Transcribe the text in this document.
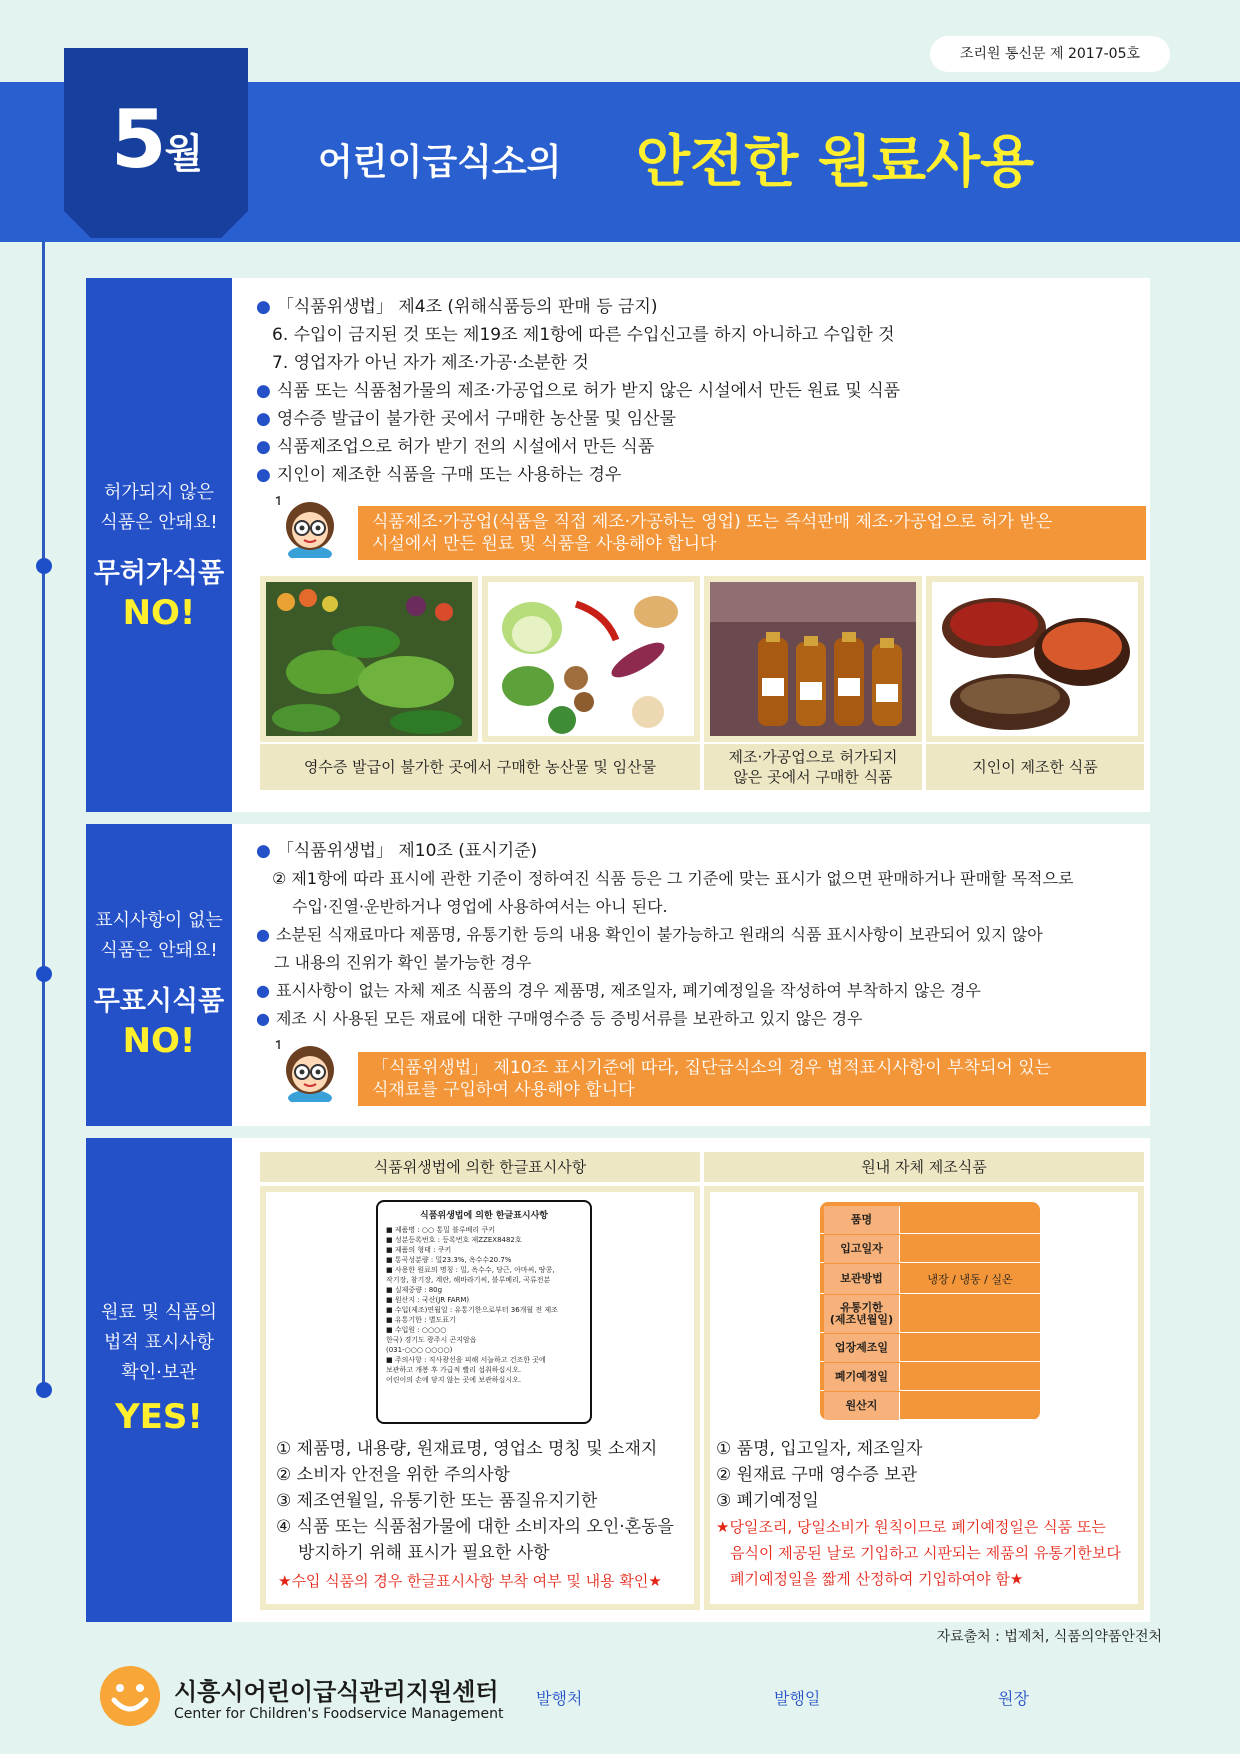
조리원 통신문 제 2017-05호
5월	어린이급식소의 안전한 원료사용
허가되지 않은
식품은 안돼요!
무허가식품
NO!
● 「식품위생법」 제4조 (위해식품등의 판매 등 금지)
6. 수입이 금지된 것 또는 제19조 제1항에 따른 수입신고를 하지 아니하고 수입한 것
7. 영업자가 아닌 자가 제조·가공·소분한 것
● 식품 또는 식품첨가물의 제조·가공업으로 허가 받지 않은 시설에서 만든 원료 및 식품
● 영수증 발급이 불가한 곳에서 구매한 농산물 및 임산물
● 식품제조업으로 허가 받기 전의 시설에서 만든 식품
● 지인이 제조한 식품을 구매 또는 사용하는 경우
식품제조·가공업(식품을 직접 제조·가공하는 영업) 또는 즉석판매 제조·가공업으로 허가 받은
시설에서 만든 원료 및 식품을 사용해야 합니다
영수증 발급이 불가한 곳에서 구매한 농산물 및 임산물
제조·가공업으로 허가되지
않은 곳에서 구매한 식품
지인이 제조한 식품
표시사항이 없는
식품은 안돼요!
무표시식품
NO!
● 「식품위생법」 제10조 (표시기준)
② 제1항에 따라 표시에 관한 기준이 정하여진 식품 등은 그 기준에 맞는 표시가 없으면 판매하거나 판매할 목적으로
수입·진열·운반하거나 영업에 사용하여서는 아니 된다.
● 소분된 식재료마다 제품명, 유통기한 등의 내용 확인이 불가능하고 원래의 식품 표시사항이 보관되어 있지 않아
그 내용의 진위가 확인 불가능한 경우
● 표시사항이 없는 자체 제조 식품의 경우 제품명, 제조일자, 폐기예정일을 작성하여 부착하지 않은 경우
● 제조 시 사용된 모든 재료에 대한 구매영수증 등 증빙서류를 보관하고 있지 않은 경우
「식품위생법」 제10조 표시기준에 따라, 집단급식소의 경우 법적표시사항이 부착되어 있는
식재료를 구입하여 사용해야 합니다
원료 및 식품의
법적 표시사항
확인·보관
YES!
식품위생법에 의한 한글표시사항	원내 자체 제조식품
식품위생법에 의한 한글표시사항
■ 제품명 : ○○ 통밀 블루베리 쿠키
■ 성분등록번호 : 등록번호 제ZZEX8482호
■ 제품의 형태 : 쿠키
■ 통곡성분량 : 밀23.3%, 옥수수20.7%
■ 사용한 원료의 명칭 : 밀, 옥수수, 당근, 아마씨, 땅콩,
작기장, 참기장, 계란, 해바라기씨, 블루베리, 곡류전분
■ 실제중량 : 80g
■ 원산지 : 국산(JR FARM)
■ 수입(제조)연월일 : 유통기한으로부터 36개월 전 제조
■ 유통기한 : 별도표기
■ 수입원 : ○○○○
한국) 경기도 광주시 곤지암읍
(031-○○○ ○○○○)
■ 주의사항 : 직사광선을 피해 서늘하고 건조한 곳에
보관하고 개봉 후 가급적 빨리 섭취하십시오.
어린이의 손에 닿지 않는 곳에 보관하십시오.
품명
입고일자
보관방법	냉장 / 냉동 / 실온
유통기한
(제조년월일)
업장제조일
폐기예정일
원산지
① 제품명, 내용량, 원재료명, 영업소 명칭 및 소재지
② 소비자 안전을 위한 주의사항
③ 제조연월일, 유통기한 또는 품질유지기한
④ 식품 또는 식품첨가물에 대한 소비자의 오인·혼동을
방지하기 위해 표시가 필요한 사항
★수입 식품의 경우 한글표시사항 부착 여부 및 내용 확인★
① 품명, 입고일자, 제조일자
② 원재료 구매 영수증 보관
③ 폐기예정일
★당일조리, 당일소비가 원칙이므로 폐기예정일은 식품 또는
음식이 제공된 날로 기입하고 시판되는 제품의 유통기한보다
폐기예정일을 짧게 산정하여 기입하여야 함★
자료출처 : 법제처, 식품의약품안전처
시흥시어린이급식관리지원센터
Center for Children's Foodservice Management
발행처	발행일	원장
